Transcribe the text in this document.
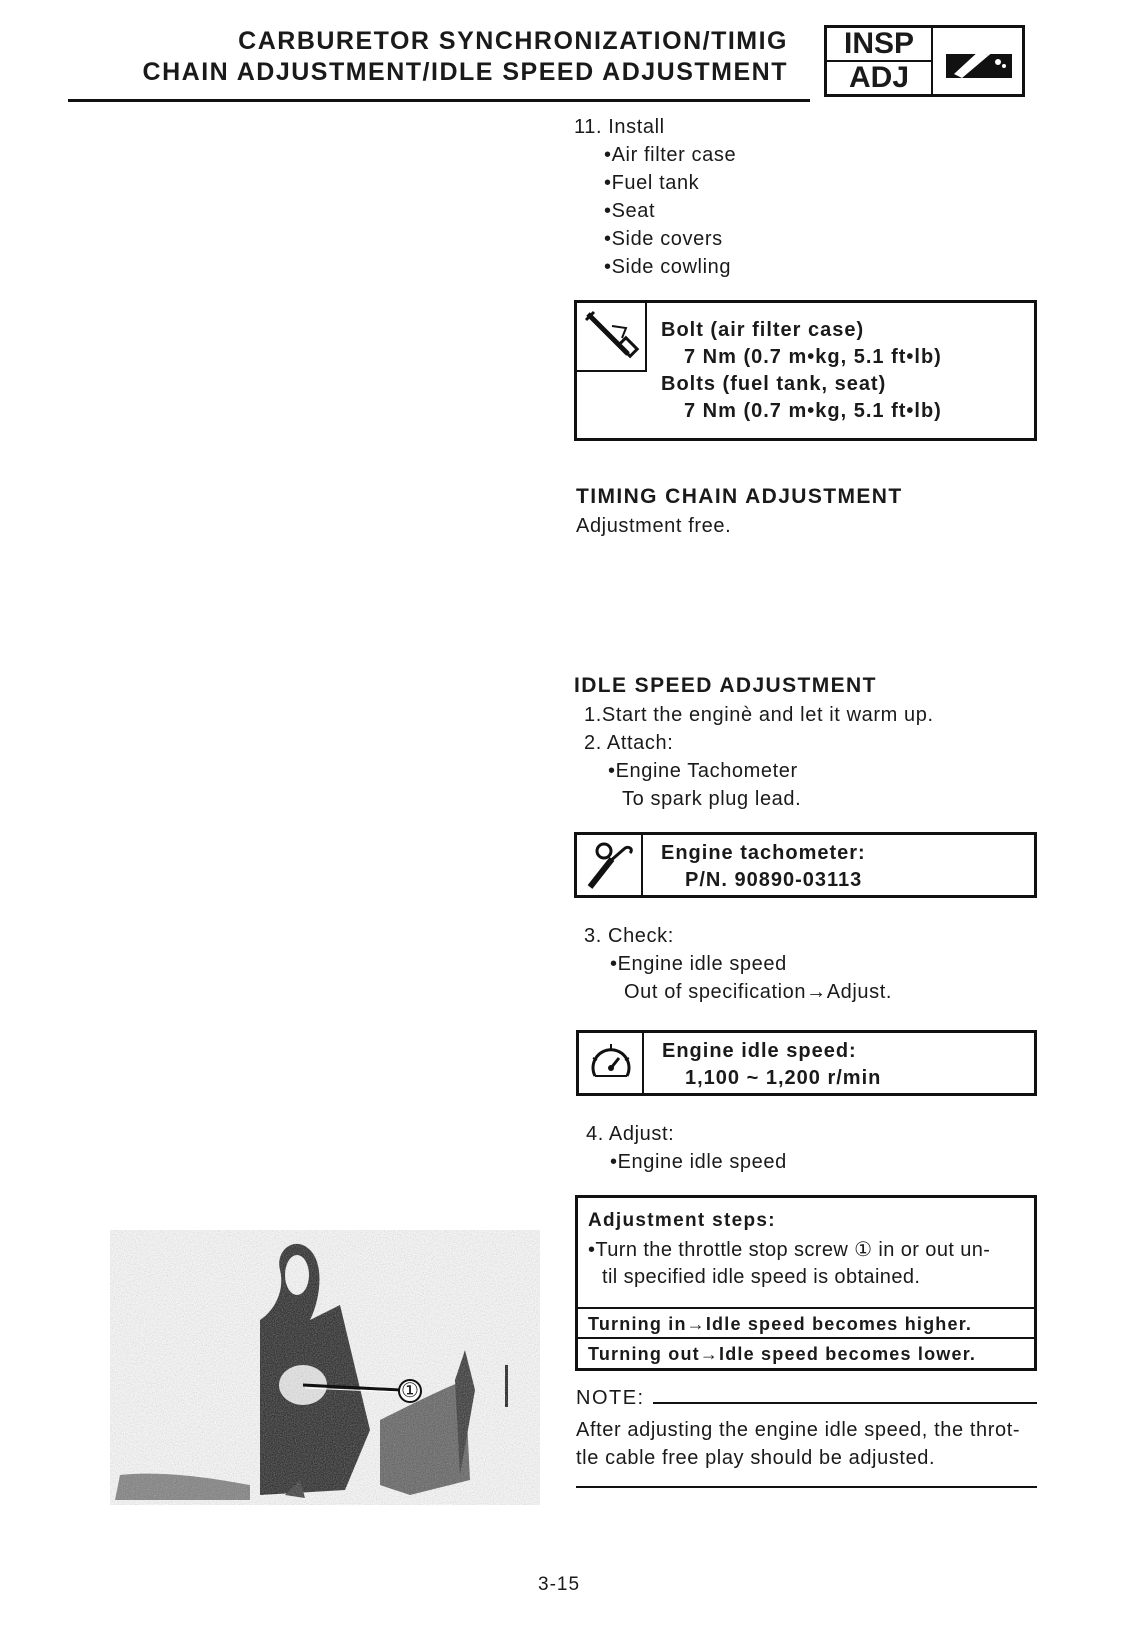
CARBURETOR SYNCHRONIZATION/TIMIG
CHAIN ADJUSTMENT/IDLE SPEED ADJUSTMENT
INSP
ADJ
11. Install
•Air filter case
•Fuel tank
•Seat
•Side covers
•Side cowling
Bolt (air filter case)
7 Nm (0.7 m•kg, 5.1 ft•lb)
Bolts (fuel tank, seat)
7 Nm (0.7 m•kg, 5.1 ft•lb)
TIMING CHAIN ADJUSTMENT
Adjustment free.
IDLE SPEED ADJUSTMENT
1.Start the enginè and let it warm up.
2. Attach:
•Engine Tachometer
To spark plug lead.
Engine tachometer:
P/N. 90890-03113
3. Check:
•Engine idle speed
Out of specification→Adjust.
Engine idle speed:
1,100 ~ 1,200 r/min
4. Adjust:
•Engine idle speed
Adjustment steps:
•Turn the throttle stop screw ① in or out un-
til specified idle speed is obtained.
Turning in→Idle speed becomes higher.
Turning out→Idle speed becomes lower.
NOTE:
After adjusting the engine idle speed, the throt-
tle cable free play should be adjusted.
①
3-15
